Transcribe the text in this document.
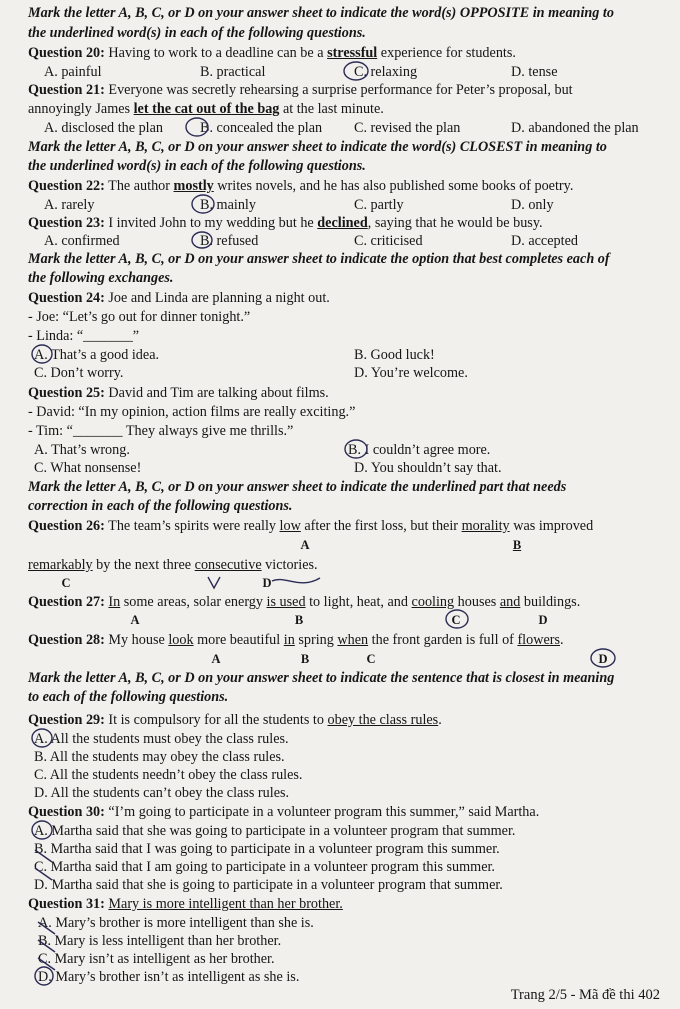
Mark the letter A, B, C, or D on your answer sheet to indicate the word(s) OPPOSITE in meaning to
the underlined word(s) in each of the following questions.
Question 20: Having to work to a deadline can be a stressful experience for students.
A. painful	B. practical	C. relaxing	D. tense
Question 21: Everyone was secretly rehearsing a surprise performance for Peter’s proposal, but
annoyingly James let the cat out of the bag at the last minute.
A. disclosed the plan	B. concealed the plan C. revised the plan	D. abandoned the plan
Mark the letter A, B, C, or D on your answer sheet to indicate the word(s) CLOSEST in meaning to
the underlined word(s) in each of the following questions.
Question 22: The author mostly writes novels, and he has also published some books of poetry.
A. rarely	B. mainly	C. partly	D. only
Question 23: I invited John to my wedding but he declined, saying that he would be busy.
A. confirmed	B. refused	C. criticised	D. accepted
Mark the letter A, B, C, or D on your answer sheet to indicate the option that best completes each of
the following exchanges.
Question 24: Joe and Linda are planning a night out.
- Joe: “Let’s go out for dinner tonight.”
- Linda: “_______”
A. That’s a good idea.	B. Good luck!
C. Don’t worry.	D. You’re welcome.
Question 25: David and Tim are talking about films.
- David: “In my opinion, action films are really exciting.”
- Tim: “_______ They always give me thrills.”
A. That’s wrong.	B. I couldn’t agree more.
C. What nonsense!	D. You shouldn’t say that.
Mark the letter A, B, C, or D on your answer sheet to indicate the underlined part that needs
correction in each of the following questions.
Question 26: The team’s spirits were really low after the first loss, but their morality was improved
A	B
remarkably by the next three consecutive victories.
C	D
Question 27: In some areas, solar energy is used to light, heat, and cooling houses and buildings.
A	B	C	D
Question 28: My house look more beautiful in spring when the front garden is full of flowers.
A	B	C	D
Mark the letter A, B, C, or D on your answer sheet to indicate the sentence that is closest in meaning
to each of the following questions.
Question 29: It is compulsory for all the students to obey the class rules.
A. All the students must obey the class rules.
B. All the students may obey the class rules.
C. All the students needn’t obey the class rules.
D. All the students can’t obey the class rules.
Question 30: “I’m going to participate in a volunteer program this summer,” said Martha.
A. Martha said that she was going to participate in a volunteer program that summer.
B. Martha said that I was going to participate in a volunteer program this summer.
C. Martha said that I am going to participate in a volunteer program this summer.
D. Martha said that she is going to participate in a volunteer program that summer.
Question 31: Mary is more intelligent than her brother.
A. Mary’s brother is more intelligent than she is.
B. Mary is less intelligent than her brother.
C. Mary isn’t as intelligent as her brother.
D. Mary’s brother isn’t as intelligent as she is.
Trang 2/5 - Mã đề thi 402
